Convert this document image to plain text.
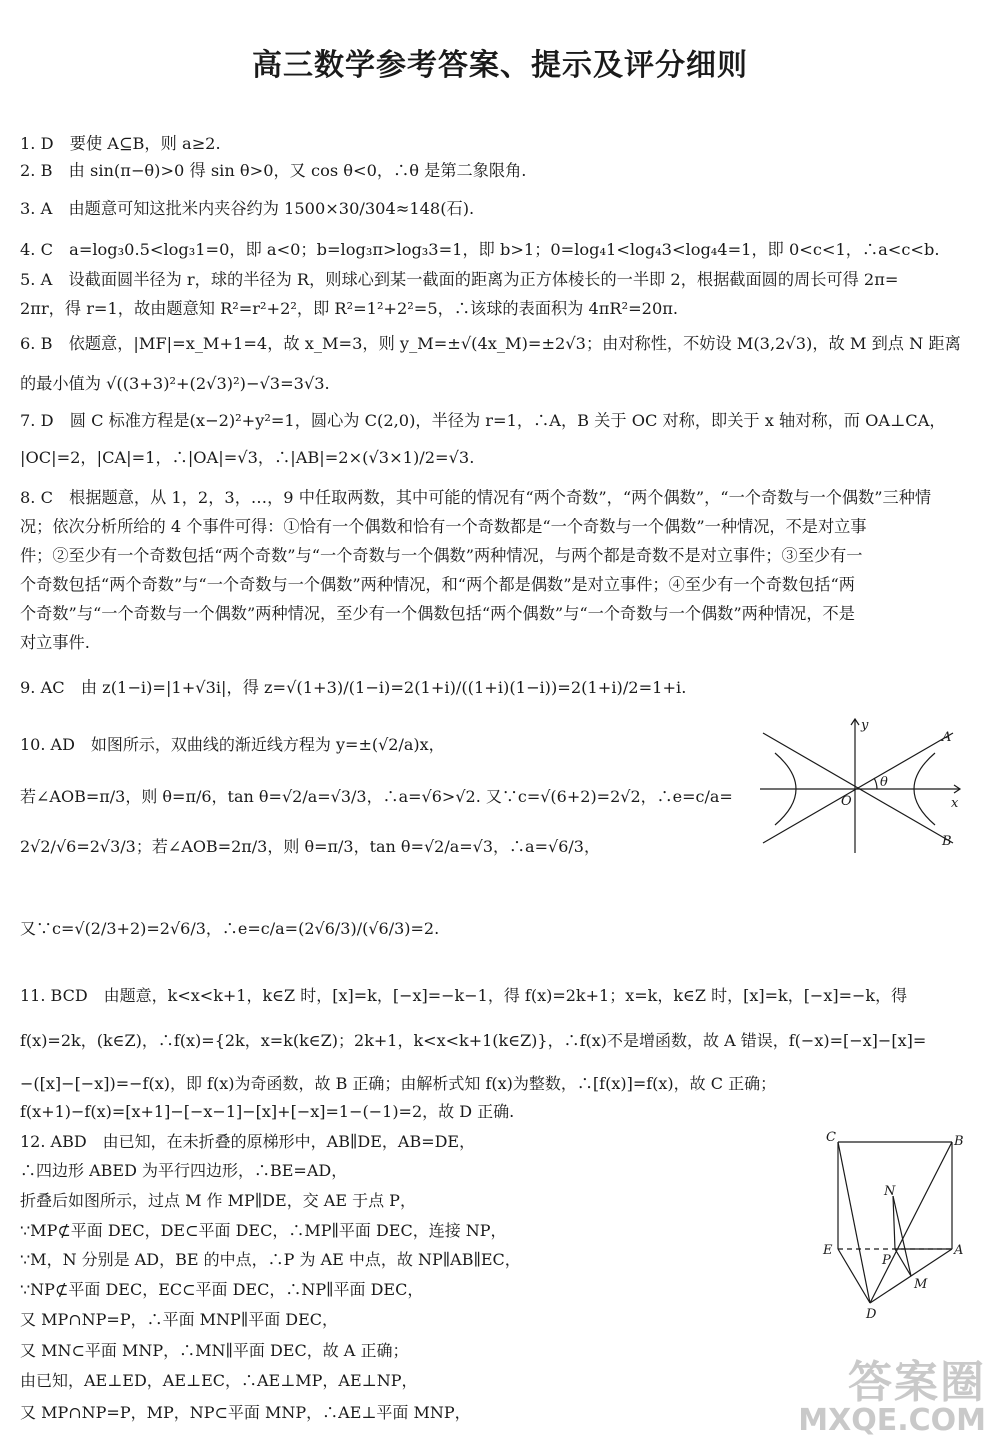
高三数学参考答案、提示及评分细则
1. D　要使 A⊆B，则 a≥2.
2. B　由 sin(π−θ)>0 得 sin θ>0，又 cos θ<0，∴θ 是第二象限角.
3. A　由题意可知这批米内夹谷约为 1500×30/304≈148(石).
4. C　a=log₃0.5<log₃1=0，即 a<0；b=log₃π>log₃3=1，即 b>1；0=log₄1<log₄3<log₄4=1，即 0<c<1，∴a<c<b.
5. A　设截面圆半径为 r，球的半径为 R，则球心到某一截面的距离为正方体棱长的一半即 2，根据截面圆的周长可得 2π=
2πr，得 r=1，故由题意知 R²=r²+2²，即 R²=1²+2²=5，∴该球的表面积为 4πR²=20π.
6. B　依题意，|MF|=x_M+1=4，故 x_M=3，则 y_M=±√(4x_M)=±2√3；由对称性，不妨设 M(3,2√3)，故 M 到点 N 距离
的最小值为 √((3+3)²+(2√3)²)−√3=3√3.
7. D　圆 C 标准方程是(x−2)²+y²=1，圆心为 C(2,0)，半径为 r=1，∴A，B 关于 OC 对称，即关于 x 轴对称，而 OA⊥CA，
|OC|=2，|CA|=1，∴|OA|=√3，∴|AB|=2×(√3×1)/2=√3.
8. C　根据题意，从 1，2，3，…，9 中任取两数，其中可能的情况有“两个奇数”，“两个偶数”，“一个奇数与一个偶数”三种情
况；依次分析所给的 4 个事件可得：①恰有一个偶数和恰有一个奇数都是“一个奇数与一个偶数”一种情况，不是对立事
件；②至少有一个奇数包括“两个奇数”与“一个奇数与一个偶数”两种情况，与两个都是奇数不是对立事件；③至少有一
个奇数包括“两个奇数”与“一个奇数与一个偶数”两种情况，和“两个都是偶数”是对立事件；④至少有一个奇数包括“两
个奇数”与“一个奇数与一个偶数”两种情况，至少有一个偶数包括“两个偶数”与“一个奇数与一个偶数”两种情况，不是
对立事件.
9. AC　由 z(1−i)=|1+√3i|，得 z=√(1+3)/(1−i)=2(1+i)/((1+i)(1−i))=2(1+i)/2=1+i.
10. AD　如图所示，双曲线的渐近线方程为 y=±(√2/a)x，
若∠AOB=π/3，则 θ=π/6，tan θ=√2/a=√3/3，∴a=√6>√2. 又∵c=√(6+2)=2√2，∴e=c/a=
2√2/√6=2√3/3；若∠AOB=2π/3，则 θ=π/3，tan θ=√2/a=√3，∴a=√6/3，
又∵c=√(2/3+2)=2√6/3，∴e=c/a=(2√6/3)/(√6/3)=2.
11. BCD　由题意，k<x<k+1，k∈Z 时，[x]=k，[−x]=−k−1，得 f(x)=2k+1；x=k，k∈Z 时，[x]=k，[−x]=−k，得
f(x)=2k，(k∈Z)，∴f(x)={2k，x=k(k∈Z)；2k+1，k<x<k+1(k∈Z)}，∴f(x)不是增函数，故 A 错误，f(−x)=[−x]−[x]=
−([x]−[−x])=−f(x)，即 f(x)为奇函数，故 B 正确；由解析式知 f(x)为整数，∴[f(x)]=f(x)，故 C 正确；
f(x+1)−f(x)=[x+1]−[−x−1]−[x]+[−x]=1−(−1)=2，故 D 正确.
12. ABD　由已知，在未折叠的原梯形中，AB∥DE，AB=DE，
∴四边形 ABED 为平行四边形，∴BE=AD，
折叠后如图所示，过点 M 作 MP∥DE，交 AE 于点 P，
∵MP⊄平面 DEC，DE⊂平面 DEC，∴MP∥平面 DEC，连接 NP，
∵M，N 分别是 AD，BE 的中点，∴P 为 AE 中点，故 NP∥AB∥EC，
∵NP⊄平面 DEC，EC⊂平面 DEC，∴NP∥平面 DEC，
又 MP∩NP=P，∴平面 MNP∥平面 DEC，
又 MN⊂平面 MNP，∴MN∥平面 DEC，故 A 正确；
由已知，AE⊥ED，AE⊥EC，∴AE⊥MP，AE⊥NP，
又 MP∩NP=P，MP，NP⊂平面 MNP，∴AE⊥平面 MNP，
y
x
O
A
B
θ
C	B
N
E
P
A
M
D
答案圈
MXQE.COM
